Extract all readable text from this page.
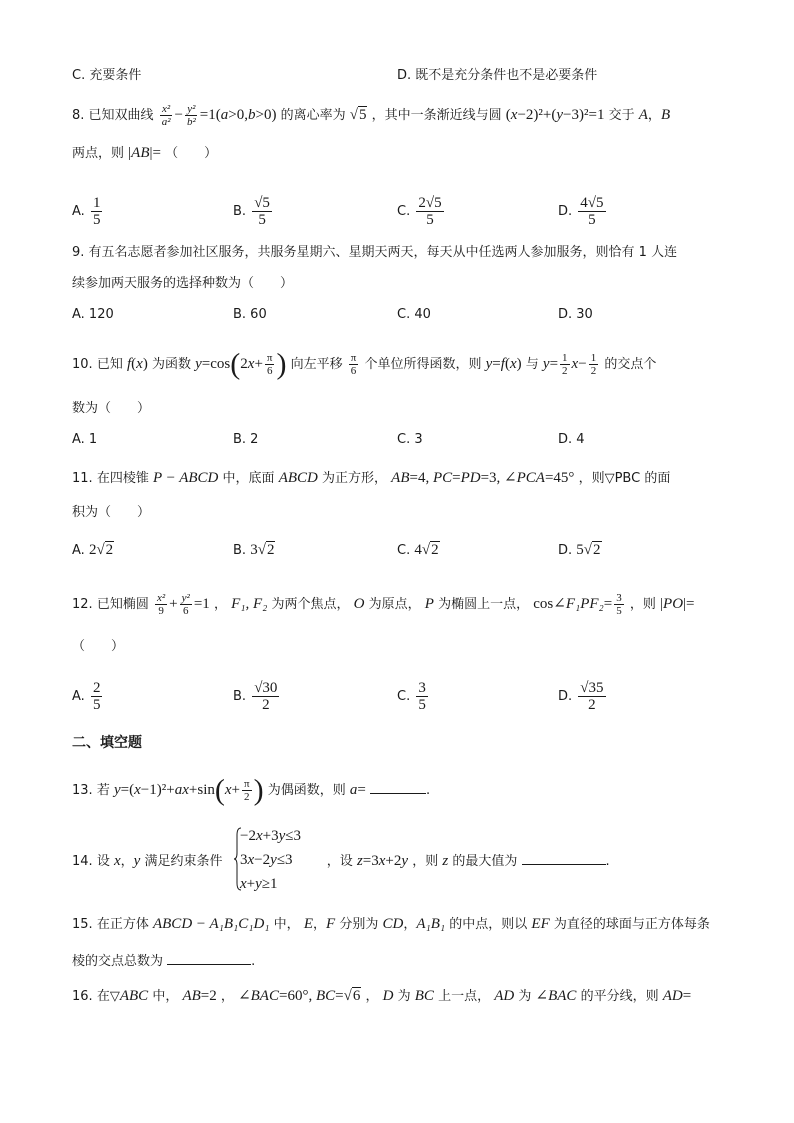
C. 充要条件	D. 既不是充分条件也不是必要条件
8. 已知双曲线 $\frac{\text{x²}}{\text{a²}} - \frac{\text{y²}}{\text{b²}} =1(a>0,b>0)$ 的离心率为 √5 ，其中一条渐近线与圆 (x−2)²+(y−3)²=1 交于 A，B
两点，则 |AB|= （　　）
A. $\frac{1}{5}$	B. $\frac{√5}{5}$	C. $\frac{2√5}{5}$	D. $\frac{4√5}{5}$
9. 有五名志愿者参加社区服务，共服务星期六、星期天两天，每天从中任选两人参加服务，则恰有 1 人连
续参加两天服务的选择种数为（　　）
A. 120	B. 60	C. 40	D. 30
10. 已知 f(x) 为函数 $y=\cos(2x+ \frac{\pi}{6}$ ) 向左平移 $\frac{\pi}{6}$ 个单位所得函数，则 y=f(x) 与 $y= \frac{1}{2} x- \frac{1}{2}$ 的交点个
数为（　　）
A. 1	B. 2	C. 3	D. 4
11. 在四棱锥 P − ABCD 中，底面 ABCD 为正方形， AB=4, PC=PD=3, ∠PCA=45° ，则▽PBC 的面
积为（　　）
A. 2√2	B. 3√2	C. 4√2	D. 5√2
12. 已知椭圆 $\frac{\text{x²}}{9} + \frac{\text{y²}}{6} =1$ ， F₁, F₂ 为两个焦点， O 为原点， P 为椭圆上一点， cos∠F₁PF₂= $\frac{3}{5}$ ，则 |PO|=
（　　）
A. $\frac{2}{5}$	B. $\frac{√30}{2}$	C. $\frac{3}{5}$	D. $\frac{√35}{2}$
二、填空题
13. 若 $y=(x-1)^2+ax+\sin(x+ \frac{\pi}{2}$ ) 为偶函数，则 a=	.
14. 设 x，y 满足约束条件	，设 z=3x+2y ，则 z 的最大值为	.
−2x+3y≤3
3x−2y≤3
x+y≥1
15. 在正方体 ABCD − A₁B₁C₁D₁ 中， E，F 分别为 CD，A₁B₁ 的中点，则以 EF 为直径的球面与正方体每条
棱的交点总数为	.
16. 在▽ABC 中， AB=2 ， ∠BAC=60°, BC=√6 ， D 为 BC 上一点， AD 为 ∠BAC 的平分线，则 AD=
